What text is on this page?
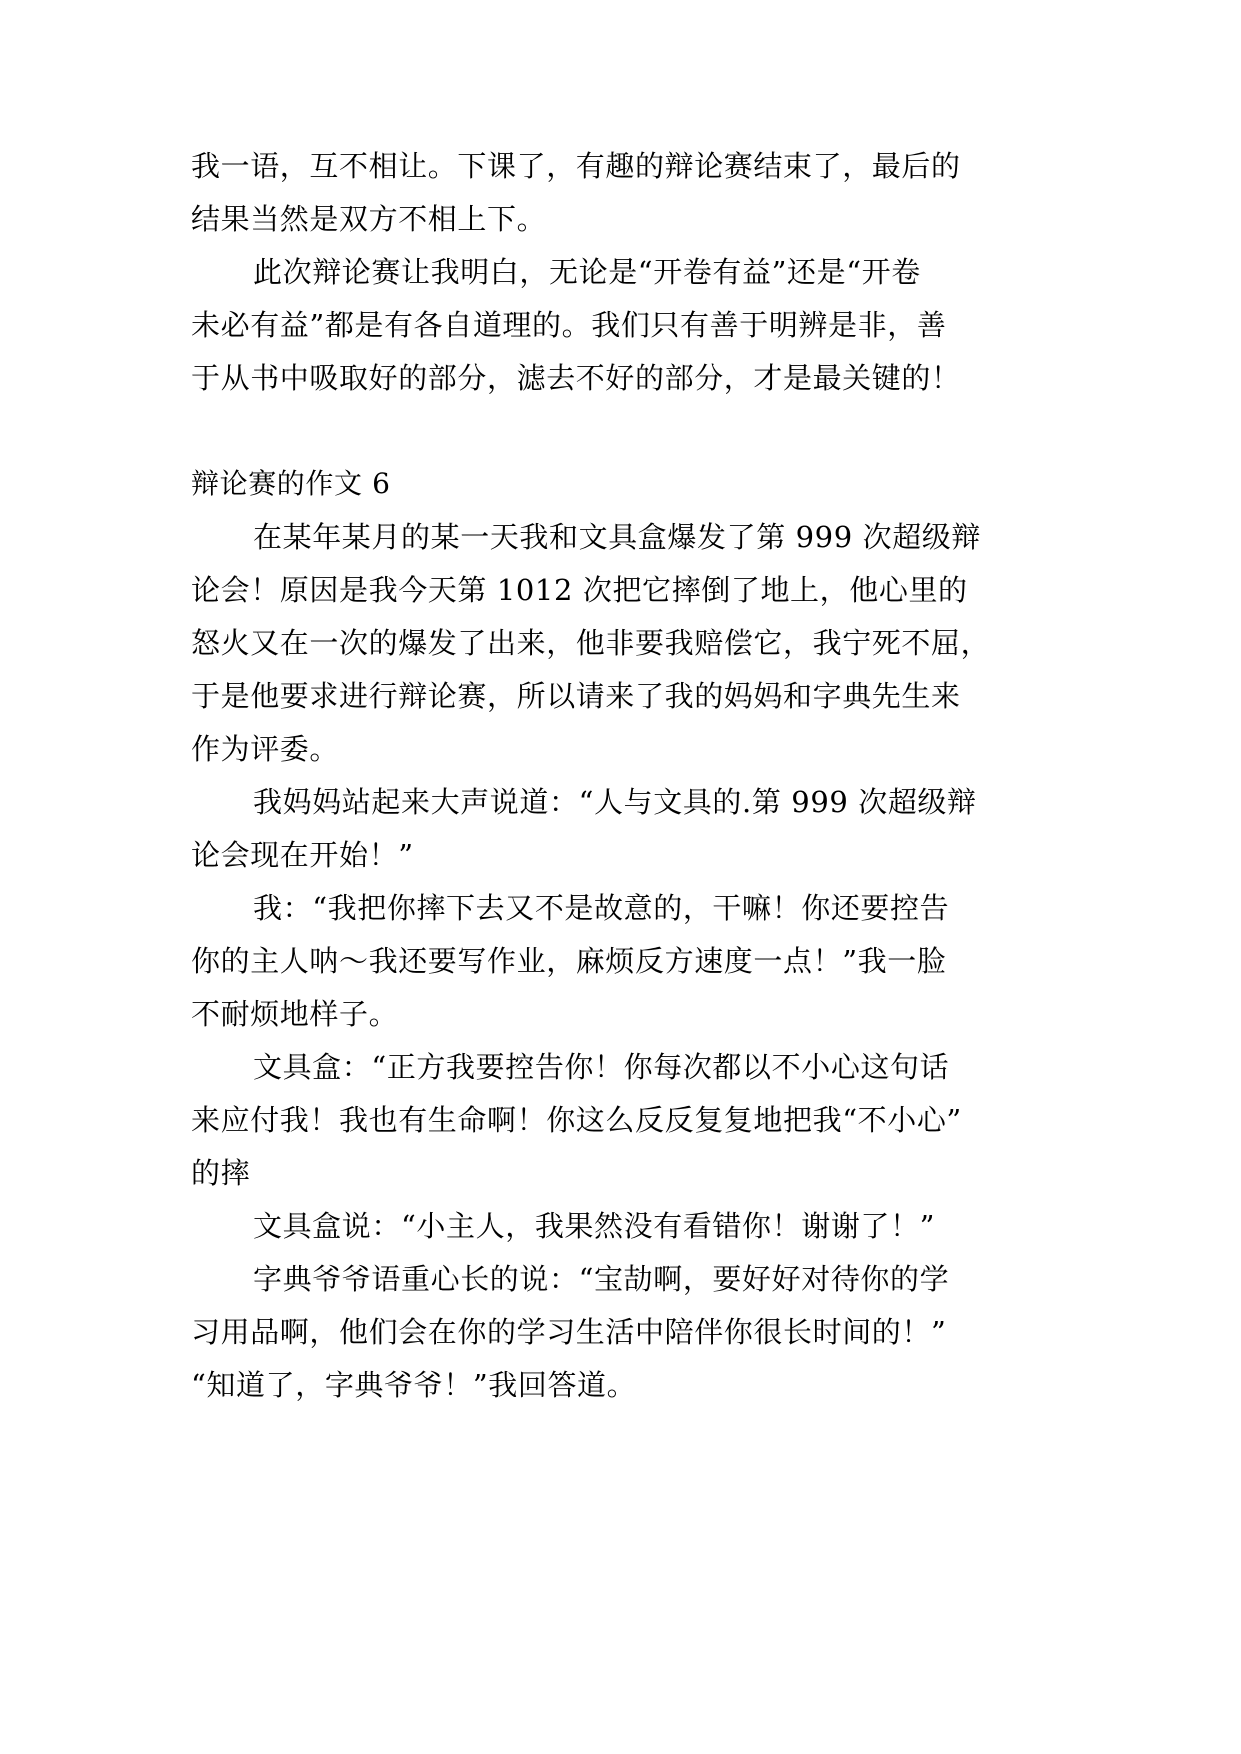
我一语，互不相让。下课了，有趣的辩论赛结束了，最后的
结果当然是双方不相上下。
此次辩论赛让我明白，无论是“开卷有益”还是“开卷
未必有益”都是有各自道理的。我们只有善于明辨是非，善
于从书中吸取好的部分，滤去不好的部分，才是最关键的！
辩论赛的作文 6
在某年某月的某一天我和文具盒爆发了第 999 次超级辩
论会！原因是我今天第 1012 次把它摔倒了地上，他心里的
怒火又在一次的爆发了出来，他非要我赔偿它，我宁死不屈，
于是他要求进行辩论赛，所以请来了我的妈妈和字典先生来
作为评委。
我妈妈站起来大声说道：“人与文具的.第 999 次超级辩
论会现在开始！”
我：“我把你摔下去又不是故意的，干嘛！你还要控告
你的主人呐～我还要写作业，麻烦反方速度一点！”我一脸
不耐烦地样子。
文具盒：“正方我要控告你！你每次都以不小心这句话
来应付我！我也有生命啊！你这么反反复复地把我“不小心”
的摔
文具盒说：“小主人，我果然没有看错你！谢谢了！”
字典爷爷语重心长的说：“宝劼啊，要好好对待你的学
习用品啊，他们会在你的学习生活中陪伴你很长时间的！”
“知道了，字典爷爷！”我回答道。
